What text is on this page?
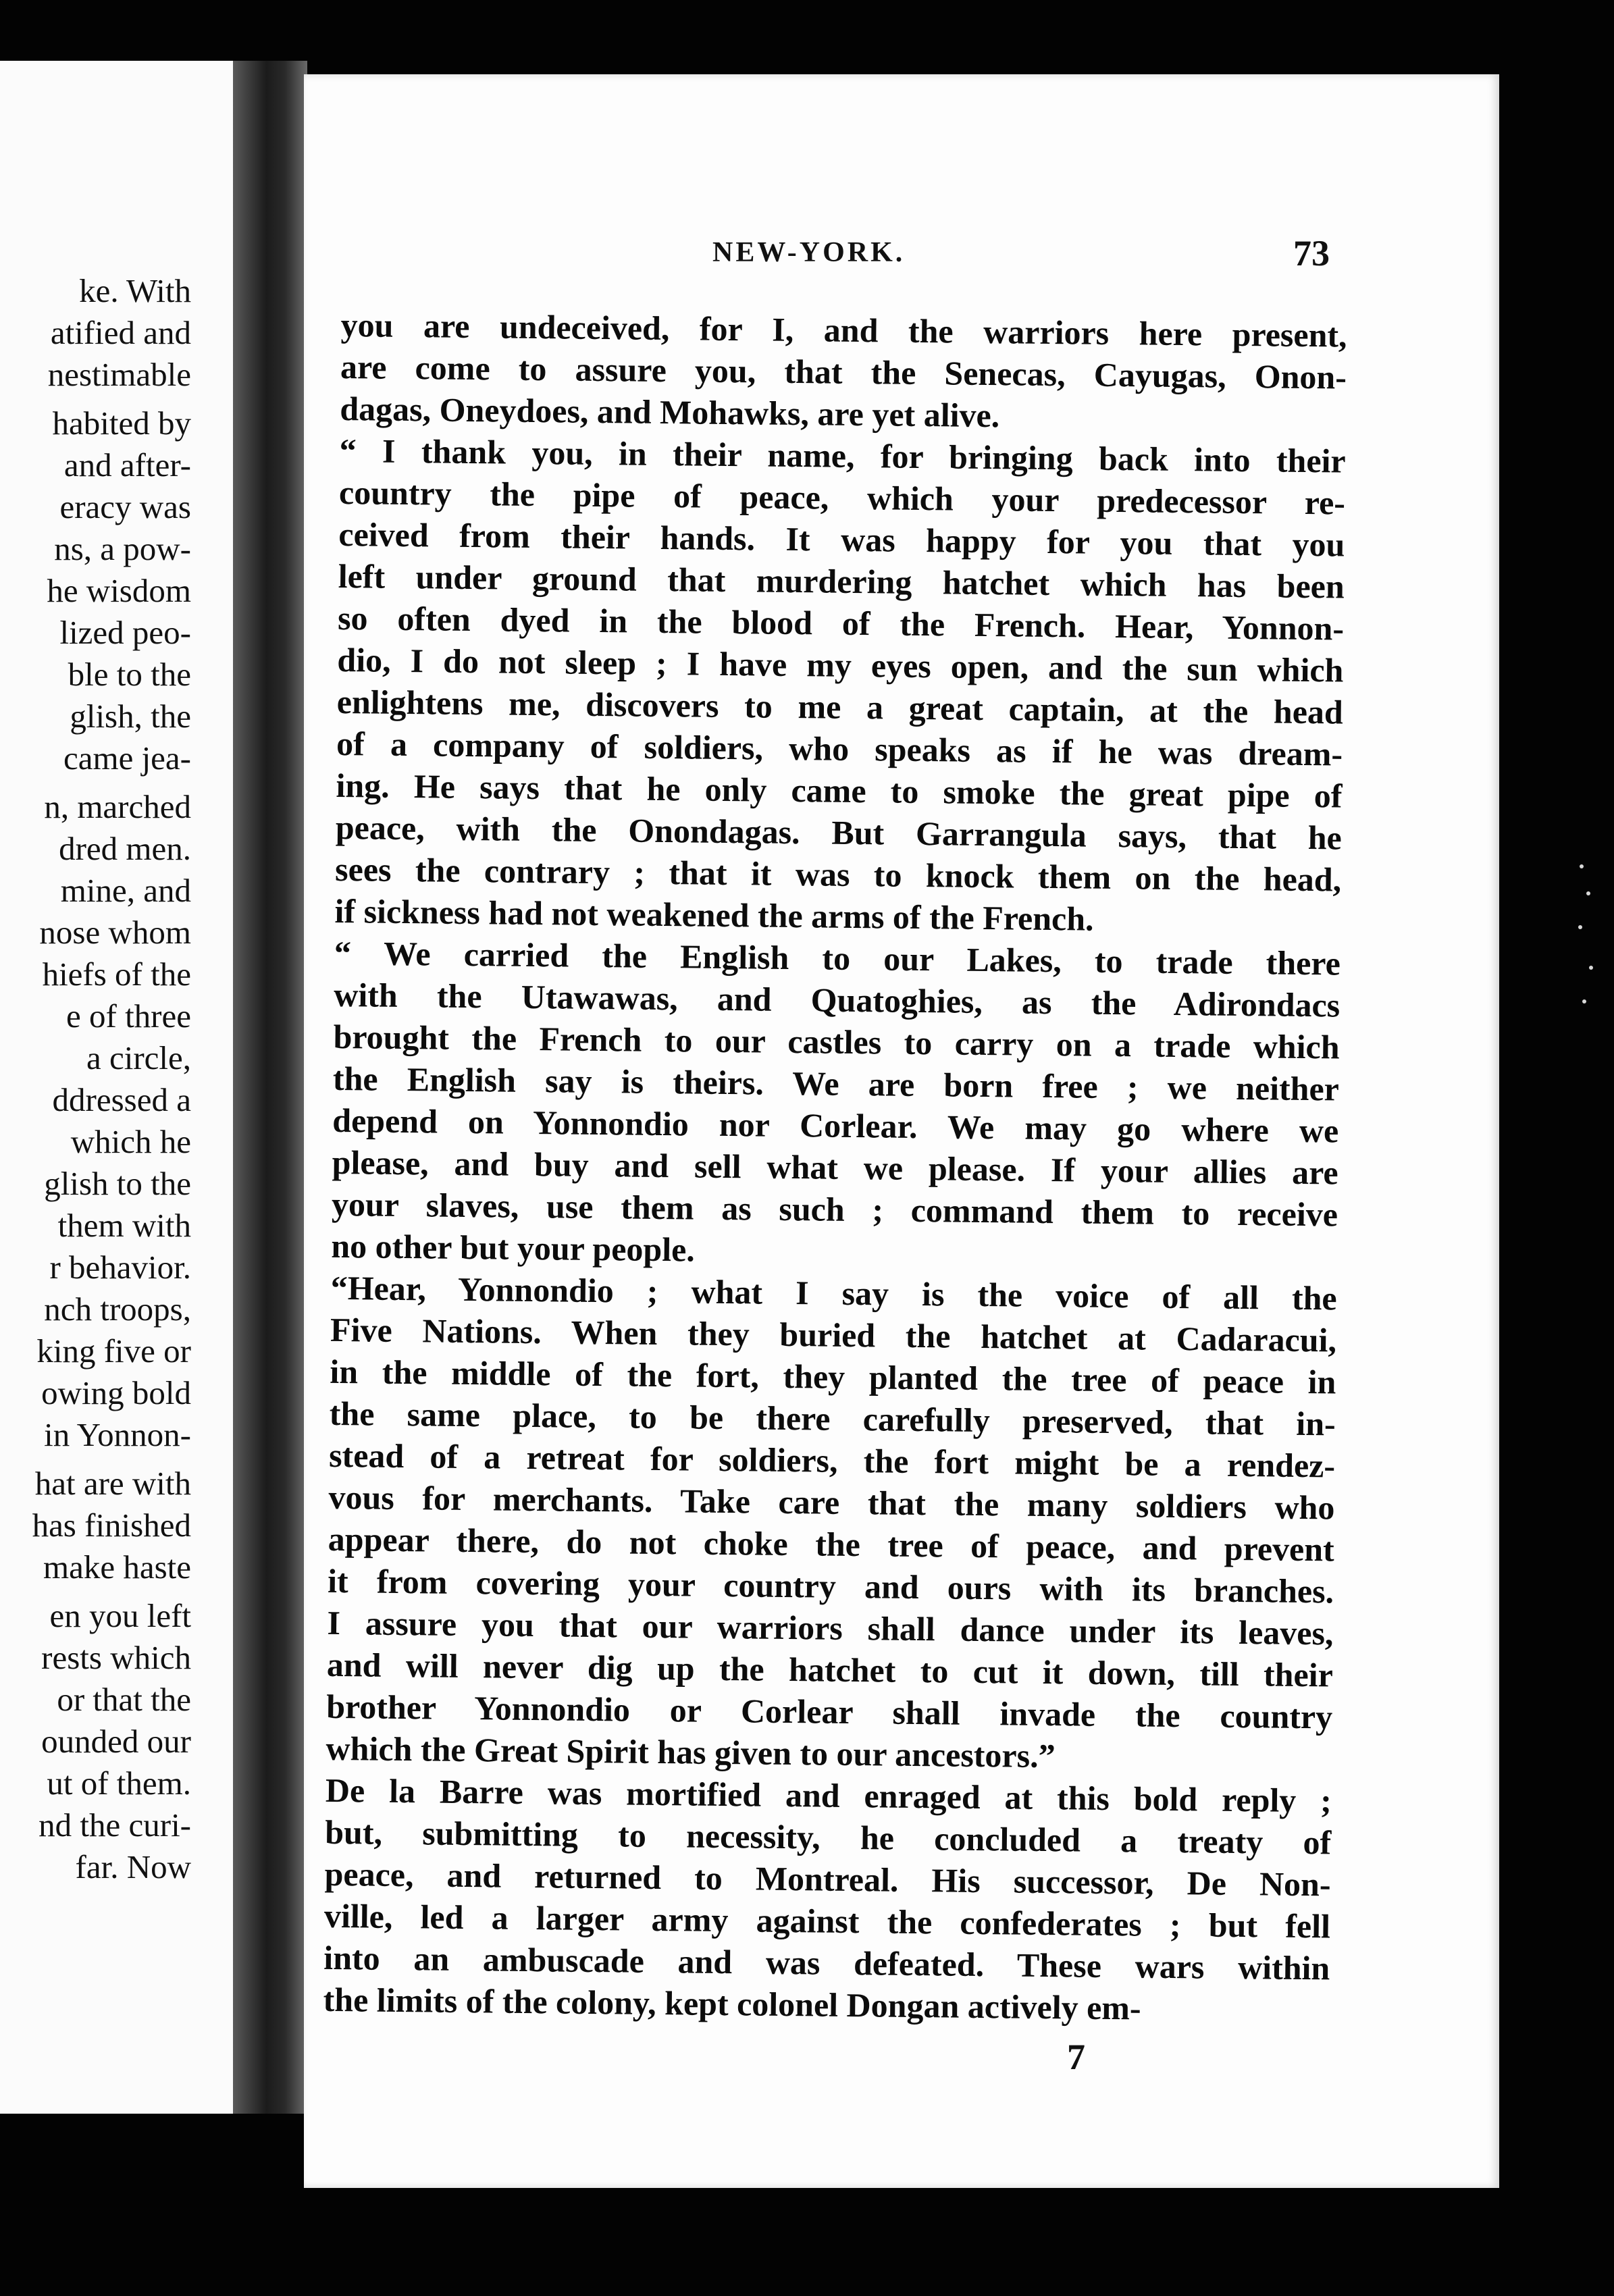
ke. With
atified and
nestimable
habited by
and after-
eracy was
ns, a pow-
he wisdom
lized peo-
ble to the
glish, the
came jea-
n, marched
dred men.
mine, and
nose whom
hiefs of the
e of three
a circle,
ddressed a
which he
glish to the
them with
r behavior.
nch troops,
king five or
owing bold
in Yonnon-
hat are with
has finished
make haste
en you left
rests which
or that the
ounded our
ut of them.
nd the curi-
far. Now
NEW-YORK.	73
you are undeceived, for I, and the warriors here present,
are come to assure you, that the Senecas, Cayugas, Onon-
dagas, Oneydoes, and Mohawks, are yet alive.
“ I thank you, in their name, for bringing back into their
country the pipe of peace, which your predecessor re-
ceived from their hands. It was happy for you that you
left under ground that murdering hatchet which has been
so often dyed in the blood of the French. Hear, Yonnon-
dio, I do not sleep ; I have my eyes open, and the sun which
enlightens me, discovers to me a great captain, at the head
of a company of soldiers, who speaks as if he was dream-
ing. He says that he only came to smoke the great pipe of
peace, with the Onondagas. But Garrangula says, that he
sees the contrary ; that it was to knock them on the head,
if sickness had not weakened the arms of the French.
“ We carried the English to our Lakes, to trade there
with the Utawawas, and Quatoghies, as the Adirondacs
brought the French to our castles to carry on a trade which
the English say is theirs. We are born free ; we neither
depend on Yonnondio nor Corlear. We may go where we
please, and buy and sell what we please. If your allies are
your slaves, use them as such ; command them to receive
no other but your people.
“Hear, Yonnondio ; what I say is the voice of all the
Five Nations. When they buried the hatchet at Cadaracui,
in the middle of the fort, they planted the tree of peace in
the same place, to be there carefully preserved, that in-
stead of a retreat for soldiers, the fort might be a rendez-
vous for merchants. Take care that the many soldiers who
appear there, do not choke the tree of peace, and prevent
it from covering your country and ours with its branches.
I assure you that our warriors shall dance under its leaves,
and will never dig up the hatchet to cut it down, till their
brother Yonnondio or Corlear shall invade the country
which the Great Spirit has given to our ancestors.”
De la Barre was mortified and enraged at this bold reply ;
but, submitting to necessity, he concluded a treaty of
peace, and returned to Montreal. His successor, De Non-
ville, led a larger army against the confederates ; but fell
into an ambuscade and was defeated. These wars within
the limits of the colony, kept colonel Dongan actively em-
7
